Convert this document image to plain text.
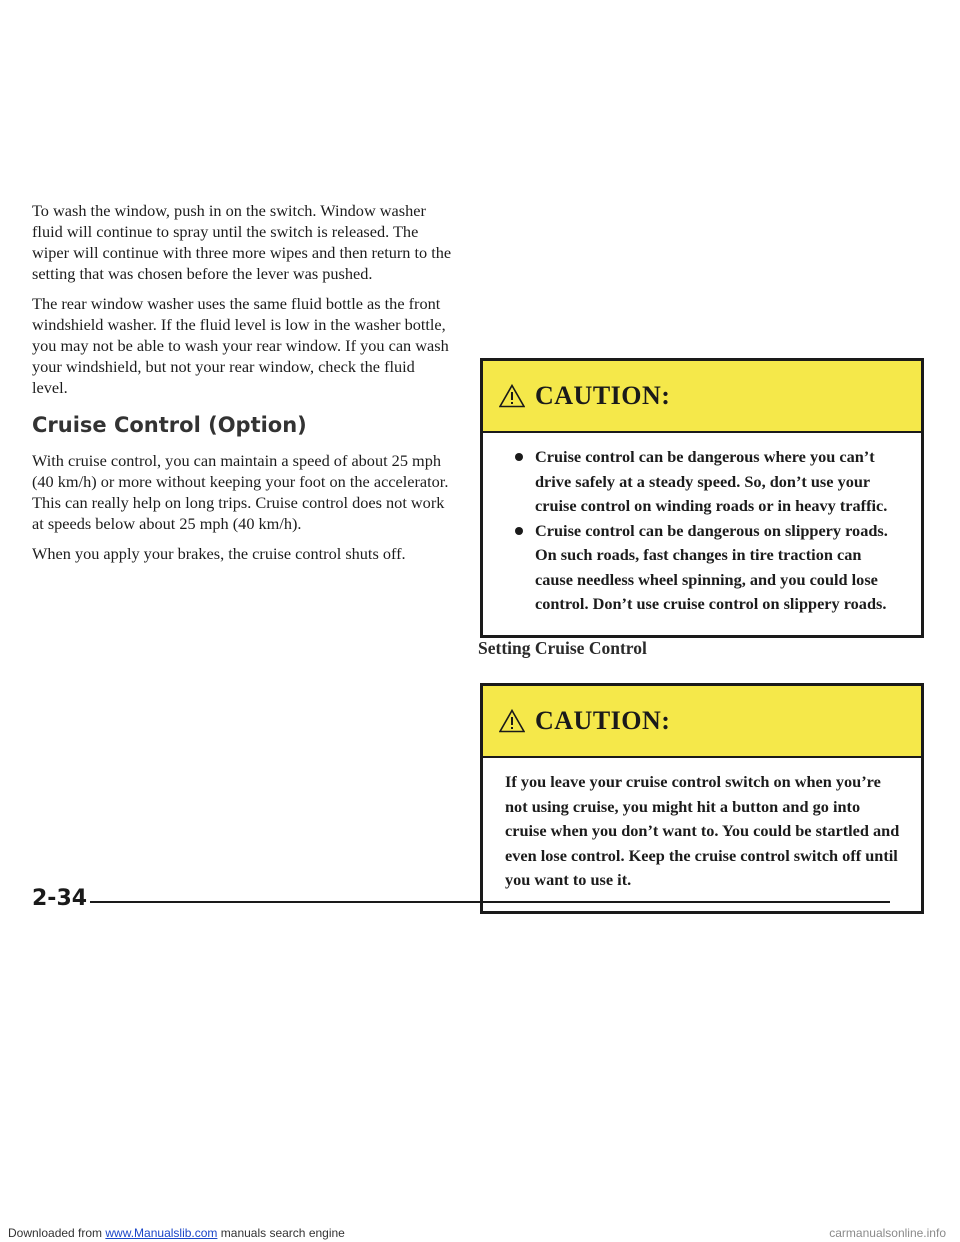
To wash the window, push in on the switch. Window washer fluid will continue to spray until the switch is released. The wiper will continue with three more wipes and then return to the setting that was chosen before the lever was pushed.

The rear window washer uses the same fluid bottle as the front windshield washer. If the fluid level is low in the washer bottle, you may not be able to wash your rear window. If you can wash your windshield, but not your rear window, check the fluid level.

Cruise Control (Option)

With cruise control, you can maintain a speed of about 25 mph (40 km/h) or more without keeping your foot on the accelerator. This can really help on long trips. Cruise control does not work at speeds below about 25 mph (40 km/h).

When you apply your brakes, the cruise control shuts off.

CAUTION:
Cruise control can be dangerous where you can’t drive safely at a steady speed. So, don’t use your cruise control on winding roads or in heavy traffic.
Cruise control can be dangerous on slippery roads. On such roads, fast changes in tire traction can cause needless wheel spinning, and you could lose control. Don’t use cruise control on slippery roads.
Setting Cruise Control
CAUTION:
If you leave your cruise control switch on when you’re not using cruise, you might hit a button and go into cruise when you don’t want to. You could be startled and even lose control. Keep the cruise control switch off until you want to use it.
2-34
Downloaded from www.Manualslib.com manuals search engine	carmanualsonline.info
